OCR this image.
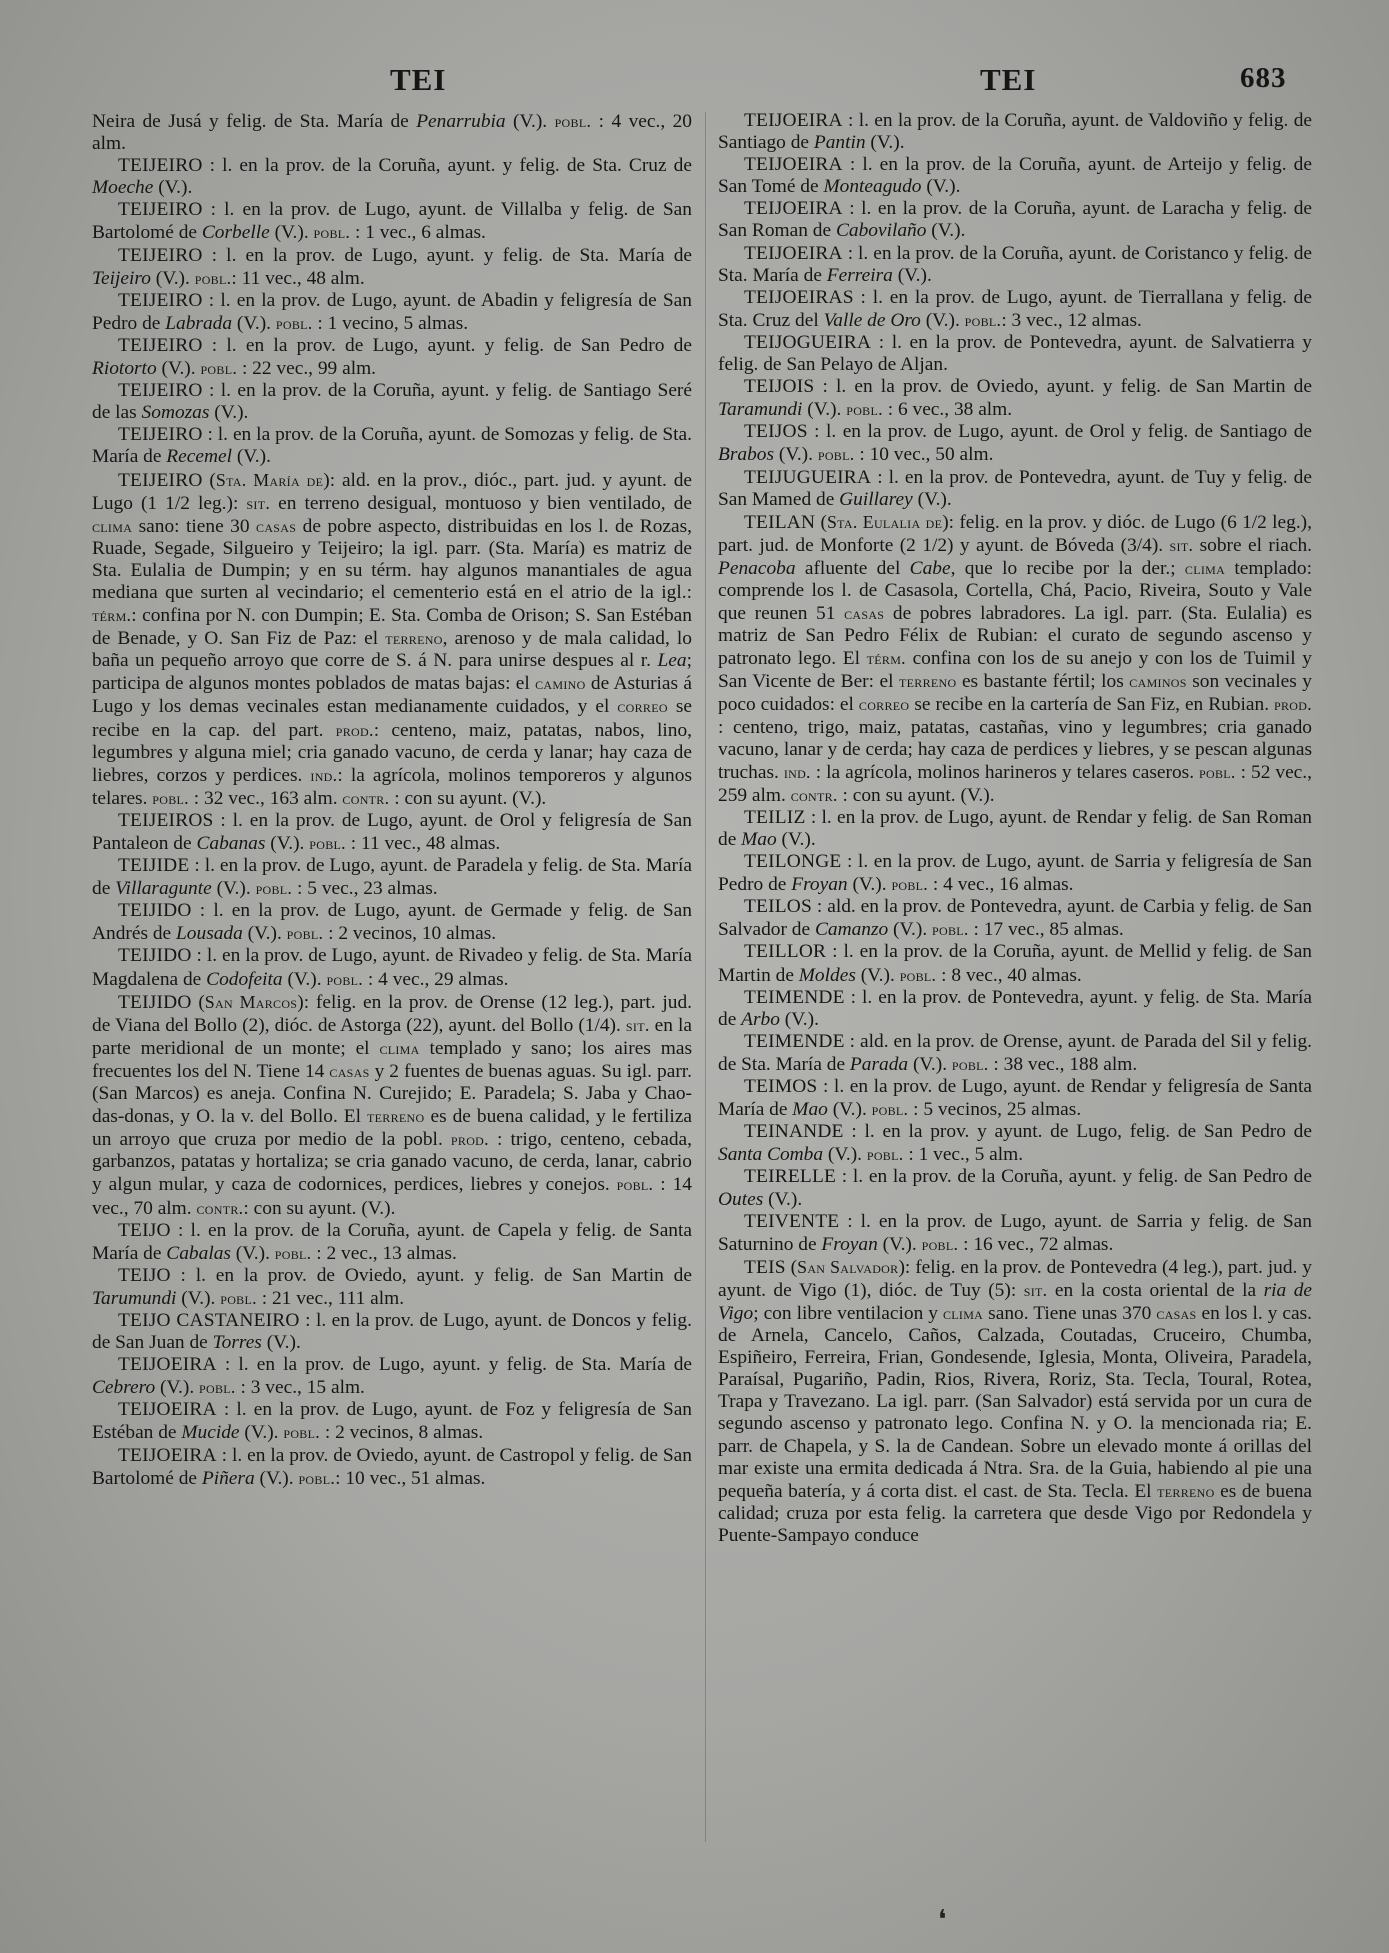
TEI	TEI	683

Neira de Jusá y felig. de Sta. María de Penarrubia (V.). pobl. : 4 vec., 20 alm.

TEIJEIRO : l. en la prov. de la Coruña, ayunt. y felig. de Sta. Cruz de Moeche (V.).

TEIJEIRO : l. en la prov. de Lugo, ayunt. de Villalba y felig. de San Bartolomé de Corbelle (V.). pobl. : 1 vec., 6 almas.

TEIJEIRO : l. en la prov. de Lugo, ayunt. y felig. de Sta. María de Teijeiro (V.). pobl.: 11 vec., 48 alm.

TEIJEIRO : l. en la prov. de Lugo, ayunt. de Abadin y feligresía de San Pedro de Labrada (V.). pobl. : 1 vecino, 5 almas.

TEIJEIRO : l. en la prov. de Lugo, ayunt. y felig. de San Pedro de Riotorto (V.). pobl. : 22 vec., 99 alm.

TEIJEIRO : l. en la prov. de la Coruña, ayunt. y felig. de Santiago Seré de las Somozas (V.).

TEIJEIRO : l. en la prov. de la Coruña, ayunt. de Somozas y felig. de Sta. María de Recemel (V.).

TEIJEIRO (Sta. María de): ald. en la prov., dióc., part. jud. y ayunt. de Lugo (1 1/2 leg.): sit. en terreno desigual, montuoso y bien ventilado, de clima sano: tiene 30 casas de pobre aspecto, distribuidas en los l. de Rozas, Ruade, Segade, Silgueiro y Teijeiro; la igl. parr. (Sta. María) es matriz de Sta. Eulalia de Dumpin; y en su térm. hay algunos manantiales de agua mediana que surten al vecindario; el cementerio está en el atrio de la igl.: térm.: confina por N. con Dumpin; E. Sta. Comba de Orison; S. San Estéban de Benade, y O. San Fiz de Paz: el terreno, arenoso y de mala calidad, lo baña un pequeño arroyo que corre de S. á N. para unirse despues al r. Lea; participa de algunos montes poblados de matas bajas: el camino de Asturias á Lugo y los demas vecinales estan medianamente cuidados, y el correo se recibe en la cap. del part. prod.: centeno, maiz, patatas, nabos, lino, legumbres y alguna miel; cria ganado vacuno, de cerda y lanar; hay caza de liebres, corzos y perdices. ind.: la agrícola, molinos temporeros y algunos telares. pobl. : 32 vec., 163 alm. contr. : con su ayunt. (V.).

TEIJEIROS : l. en la prov. de Lugo, ayunt. de Orol y feligresía de San Pantaleon de Cabanas (V.). pobl. : 11 vec., 48 almas.

TEIJIDE : l. en la prov. de Lugo, ayunt. de Paradela y felig. de Sta. María de Villaragunte (V.). pobl. : 5 vec., 23 almas.

TEIJIDO : l. en la prov. de Lugo, ayunt. de Germade y felig. de San Andrés de Lousada (V.). pobl. : 2 vecinos, 10 almas.

TEIJIDO : l. en la prov. de Lugo, ayunt. de Rivadeo y felig. de Sta. María Magdalena de Codofeita (V.). pobl. : 4 vec., 29 almas.

TEIJIDO (San Marcos): felig. en la prov. de Orense (12 leg.), part. jud. de Viana del Bollo (2), dióc. de Astorga (22), ayunt. del Bollo (1/4). sit. en la parte meridional de un monte; el clima templado y sano; los aires mas frecuentes los del N. Tiene 14 casas y 2 fuentes de buenas aguas. Su igl. parr. (San Marcos) es aneja. Confina N. Curejido; E. Paradela; S. Jaba y Chao-das-donas, y O. la v. del Bollo. El terreno es de buena calidad, y le fertiliza un arroyo que cruza por medio de la pobl. prod. : trigo, centeno, cebada, garbanzos, patatas y hortaliza; se cria ganado vacuno, de cerda, lanar, cabrio y algun mular, y caza de codornices, perdices, liebres y conejos. pobl. : 14 vec., 70 alm. contr.: con su ayunt. (V.).

TEIJO : l. en la prov. de la Coruña, ayunt. de Capela y felig. de Santa María de Cabalas (V.). pobl. : 2 vec., 13 almas.

TEIJO : l. en la prov. de Oviedo, ayunt. y felig. de San Martin de Tarumundi (V.). pobl. : 21 vec., 111 alm.

TEIJO CASTANEIRO : l. en la prov. de Lugo, ayunt. de Doncos y felig. de San Juan de Torres (V.).

TEIJOEIRA : l. en la prov. de Lugo, ayunt. y felig. de Sta. María de Cebrero (V.). pobl. : 3 vec., 15 alm.

TEIJOEIRA : l. en la prov. de Lugo, ayunt. de Foz y feligresía de San Estéban de Mucide (V.). pobl. : 2 vecinos, 8 almas.

TEIJOEIRA : l. en la prov. de Oviedo, ayunt. de Castropol y felig. de San Bartolomé de Piñera (V.). pobl.: 10 vec., 51 almas.

TEIJOEIRA : l. en la prov. de la Coruña, ayunt. de Valdoviño y felig. de Santiago de Pantin (V.).

TEIJOEIRA : l. en la prov. de la Coruña, ayunt. de Arteijo y felig. de San Tomé de Monteagudo (V.).

TEIJOEIRA : l. en la prov. de la Coruña, ayunt. de Laracha y felig. de San Roman de Cabovilaño (V.).

TEIJOEIRA : l. en la prov. de la Coruña, ayunt. de Coristanco y felig. de Sta. María de Ferreira (V.).

TEIJOEIRAS : l. en la prov. de Lugo, ayunt. de Tierrallana y felig. de Sta. Cruz del Valle de Oro (V.). pobl.: 3 vec., 12 almas.

TEIJOGUEIRA : l. en la prov. de Pontevedra, ayunt. de Salvatierra y felig. de San Pelayo de Aljan.

TEIJOIS : l. en la prov. de Oviedo, ayunt. y felig. de San Martin de Taramundi (V.). pobl. : 6 vec., 38 alm.

TEIJOS : l. en la prov. de Lugo, ayunt. de Orol y felig. de Santiago de Brabos (V.). pobl. : 10 vec., 50 alm.

TEIJUGUEIRA : l. en la prov. de Pontevedra, ayunt. de Tuy y felig. de San Mamed de Guillarey (V.).

TEILAN (Sta. Eulalia de): felig. en la prov. y dióc. de Lugo (6 1/2 leg.), part. jud. de Monforte (2 1/2) y ayunt. de Bóveda (3/4). sit. sobre el riach. Penacoba afluente del Cabe, que lo recibe por la der.; clima templado: comprende los l. de Casasola, Cortella, Chá, Pacio, Riveira, Souto y Vale que reunen 51 casas de pobres labradores. La igl. parr. (Sta. Eulalia) es matriz de San Pedro Félix de Rubian: el curato de segundo ascenso y patronato lego. El térm. confina con los de su anejo y con los de Tuimil y San Vicente de Ber: el terreno es bastante fértil; los caminos son vecinales y poco cuidados: el correo se recibe en la cartería de San Fiz, en Rubian. prod. : centeno, trigo, maiz, patatas, castañas, vino y legumbres; cria ganado vacuno, lanar y de cerda; hay caza de perdices y liebres, y se pescan algunas truchas. ind. : la agrícola, molinos harineros y telares caseros. pobl. : 52 vec., 259 alm. contr. : con su ayunt. (V.).

TEILIZ : l. en la prov. de Lugo, ayunt. de Rendar y felig. de San Roman de Mao (V.).

TEILONGE : l. en la prov. de Lugo, ayunt. de Sarria y feligresía de San Pedro de Froyan (V.). pobl. : 4 vec., 16 almas.

TEILOS : ald. en la prov. de Pontevedra, ayunt. de Carbia y felig. de San Salvador de Camanzo (V.). pobl. : 17 vec., 85 almas.

TEILLOR : l. en la prov. de la Coruña, ayunt. de Mellid y felig. de San Martin de Moldes (V.). pobl. : 8 vec., 40 almas.

TEIMENDE : l. en la prov. de Pontevedra, ayunt. y felig. de Sta. María de Arbo (V.).

TEIMENDE : ald. en la prov. de Orense, ayunt. de Parada del Sil y felig. de Sta. María de Parada (V.). pobl. : 38 vec., 188 alm.

TEIMOS : l. en la prov. de Lugo, ayunt. de Rendar y feligresía de Santa María de Mao (V.). pobl. : 5 vecinos, 25 almas.

TEINANDE : l. en la prov. y ayunt. de Lugo, felig. de San Pedro de Santa Comba (V.). pobl. : 1 vec., 5 alm.

TEIRELLE : l. en la prov. de la Coruña, ayunt. y felig. de San Pedro de Outes (V.).

TEIVENTE : l. en la prov. de Lugo, ayunt. de Sarria y felig. de San Saturnino de Froyan (V.). pobl. : 16 vec., 72 almas.

TEIS (San Salvador): felig. en la prov. de Pontevedra (4 leg.), part. jud. y ayunt. de Vigo (1), dióc. de Tuy (5): sit. en la costa oriental de la ria de Vigo; con libre ventilacion y clima sano. Tiene unas 370 casas en los l. y cas. de Arnela, Cancelo, Caños, Calzada, Coutadas, Cruceiro, Chumba, Espiñeiro, Ferreira, Frian, Gondesende, Iglesia, Monta, Oliveira, Paradela, Paraísal, Pugariño, Padin, Rios, Rivera, Roriz, Sta. Tecla, Toural, Rotea, Trapa y Travezano. La igl. parr. (San Salvador) está servida por un cura de segundo ascenso y patronato lego. Confina N. y O. la mencionada ria; E. parr. de Chapela, y S. la de Candean. Sobre un elevado monte á orillas del mar existe una ermita dedicada á Ntra. Sra. de la Guia, habiendo al pie una pequeña batería, y á corta dist. el cast. de Sta. Tecla. El terreno es de buena calidad; cruza por esta felig. la carretera que desde Vigo por Redondela y Puente-Sampayo conduce

❛
